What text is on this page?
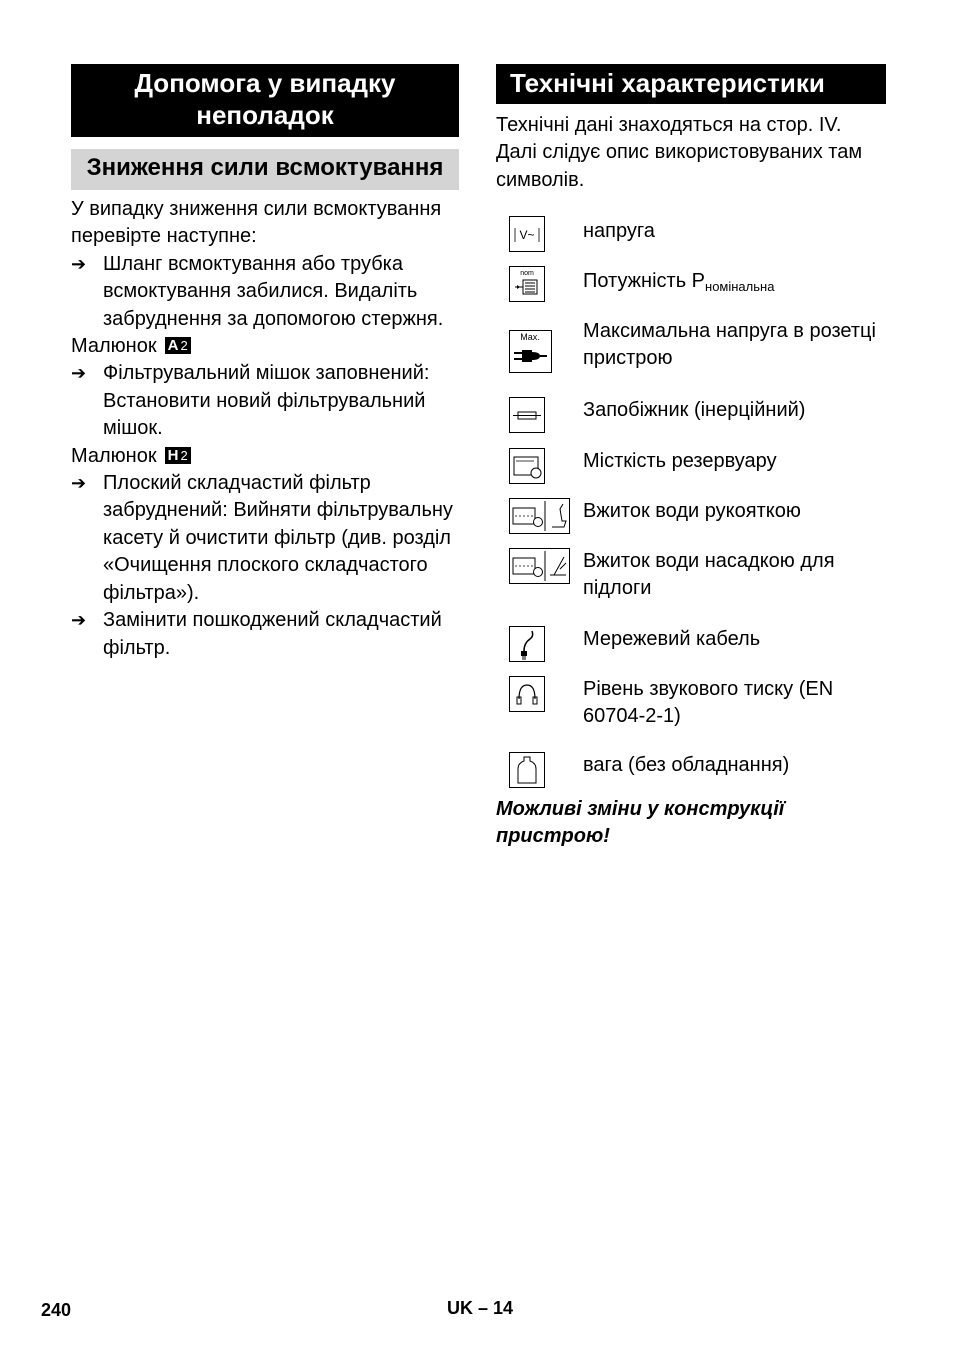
Допомога у випадку неполадок
Зниження сили всмоктування
У випадку зниження сили всмоктування перевірте наступне:
➔ Шланг всмоктування або трубка всмоктування забилися. Видаліть забруднення за допомогою стержня.
Малюнок A 2
➔ Фільтрувальний мішок заповнений: Встановити новий фільтрувальний мішок.
Малюнок H 2
➔ Плоский складчастий фільтр забруднений: Вийняти фільтрувальну касету й очистити фільтр (див. розділ «Очищення плоского складчастого фільтра»).
➔ Замінити пошкоджений складчастий фільтр.
Технічні характеристики
Технічні дані знаходяться на стор. IV. Далі слідує опис використовуваних там символів.
V~ напруга
nom Потужність $P_{номінальна}$
Max. Максимальна напруга в розетці пристрою
Запобіжник (інерційний)
Місткість резервуару
Вжиток води рукояткою
Вжиток води насадкою для підлоги
Мережевий кабель
Рівень звукового тиску (EN 60704-2-1)
вага (без обладнання)
Можливі зміни у конструкції пристрою!
240	UK – 14
